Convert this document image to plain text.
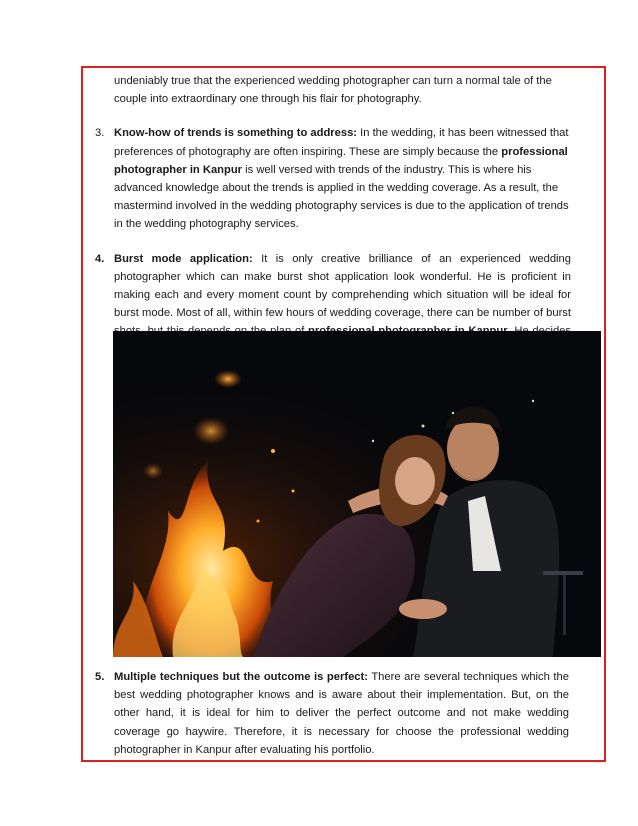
undeniably true that the experienced wedding photographer can turn a normal tale of the couple into extraordinary one through his flair for photography.

3. Know-how of trends is something to address: In the wedding, it has been witnessed that preferences of photography are often inspiring. These are simply because the professional photographer in Kanpur is well versed with trends of the industry. This is where his advanced knowledge about the trends is applied in the wedding coverage. As a result, the mastermind involved in the wedding photography services is due to the application of trends in the wedding photography services.

4. Burst mode application: It is only creative brilliance of an experienced wedding photographer which can make burst shot application look wonderful. He is proficient in making each and every moment count by comprehending which situation will be ideal for burst mode. Most of all, within few hours of wedding coverage, there can be number of burst

5. Multiple techniques but the outcome is perfect: There are several techniques which the best wedding photographer knows and is aware about their implementation. But, on the other hand, it is ideal for him to deliver the perfect outcome and not make wedding coverage go haywire. Therefore, it is necessary for choose the professional wedding photographer in Kanpur after evaluating his portfolio.
